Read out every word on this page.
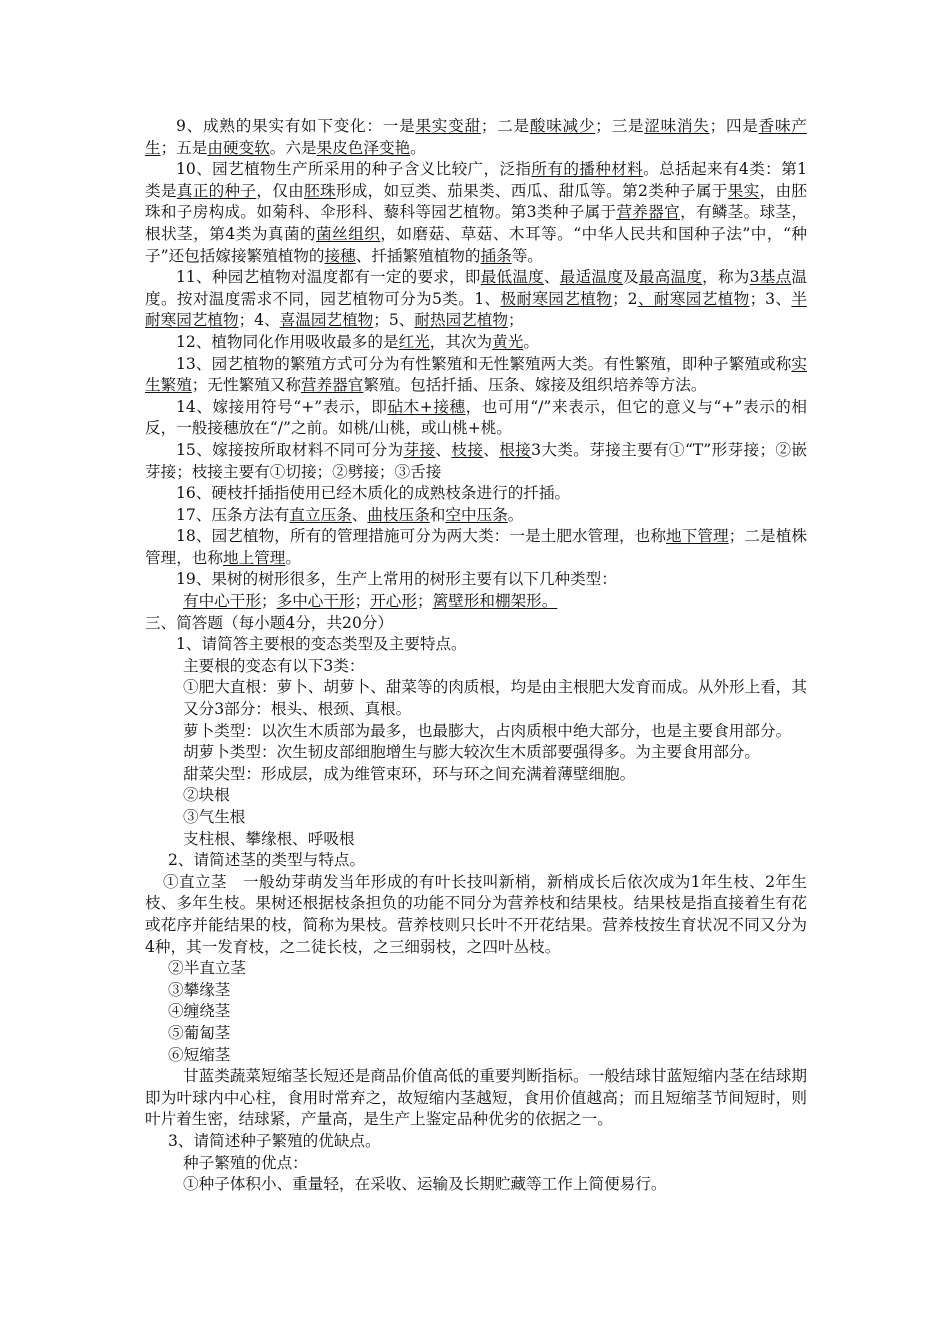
9、成熟的果实有如下变化：一是果实变甜；二是酸味减少；三是涩味消失；四是香味产生；五是由硬变软。六是果皮色泽变艳。

10、园艺植物生产所采用的种子含义比较广，泛指所有的播种材料。总括起来有4类：第1类是真正的种子，仅由胚珠形成，如豆类、茄果类、西瓜、甜瓜等。第2类种子属于果实，由胚珠和子房构成。如菊科、伞形科、藜科等园艺植物。第3类种子属于营养器官，有鳞茎。球茎，根状茎，第4类为真菌的菌丝组织，如磨菇、草菇、木耳等。“中华人民共和国种子法”中，“种子”还包括嫁接繁殖植物的接穗、扦插繁殖植物的插条等。

11、种园艺植物对温度都有一定的要求，即最低温度、最适温度及最高温度，称为3基点温度。按对温度需求不同，园艺植物可分为5类。1、极耐寒园艺植物；2、耐寒园艺植物；3、半耐寒园艺植物；4、喜温园艺植物；5、耐热园艺植物；

12、植物同化作用吸收最多的是红光，其次为黄光。

13、园艺植物的繁殖方式可分为有性繁殖和无性繁殖两大类。有性繁殖，即种子繁殖或称实生繁殖；无性繁殖又称营养器官繁殖。包括扦插、压条、嫁接及组织培养等方法。

14、嫁接用符号“+”表示，即砧木+接穗，也可用“/”来表示，但它的意义与“+”表示的相反，一般接穗放在“/”之前。如桃/山桃，或山桃+桃。

15、嫁接按所取材料不同可分为芽接、枝接、根接3大类。芽接主要有①“T”形芽接；②嵌芽接；枝接主要有①切接；②劈接；③舌接

16、硬枝扦插指使用已经木质化的成熟枝条进行的扦插。

17、压条方法有直立压条、曲枝压条和空中压条。

18、园艺植物，所有的管理措施可分为两大类：一是土肥水管理，也称地下管理；二是植株管理，也称地上管理。

19、果树的树形很多，生产上常用的树形主要有以下几种类型：

有中心干形；多中心干形；开心形；篱壁形和棚架形。

三、简答题（每小题4分，共20分）

1、请简答主要根的变态类型及主要特点。

主要根的变态有以下3类：

①肥大直根：萝卜、胡萝卜、甜菜等的肉质根，均是由主根肥大发育而成。从外形上看，其又分3部分：根头、根颈、真根。

萝卜类型：以次生木质部为最多，也最膨大，占肉质根中绝大部分，也是主要食用部分。

胡萝卜类型：次生韧皮部细胞增生与膨大较次生木质部要强得多。为主要食用部分。

甜菜尖型：形成层，成为维管束环，环与环之间充满着薄壁细胞。

②块根

③气生根

支柱根、攀缘根、呼吸根

2、请简述茎的类型与特点。

①直立茎　一般幼芽萌发当年形成的有叶长技叫新梢，新梢成长后依次成为1年生枝、2年生枝、多年生枝。果树还根据枝条担负的功能不同分为营养枝和结果枝。结果枝是指直接着生有花或花序并能结果的枝，简称为果枝。营养枝则只长叶不开花结果。营养枝按生育状况不同又分为4种，其一发育枝，之二徒长枝，之三细弱枝，之四叶丛枝。

②半直立茎

③攀缘茎

④缠绕茎

⑤葡匐茎

⑥短缩茎

甘蓝类蔬菜短缩茎长短还是商品价值高低的重要判断指标。一般结球甘蓝短缩内茎在结球期即为叶球内中心柱，食用时常弃之，故短缩内茎越短，食用价值越高；而且短缩茎节间短时，则叶片着生密，结球紧，产量高，是生产上鉴定品种优劣的依据之一。

3、请简述种子繁殖的优缺点。

种子繁殖的优点：

①种子体积小、重量轻，在采收、运输及长期贮藏等工作上简便易行。
